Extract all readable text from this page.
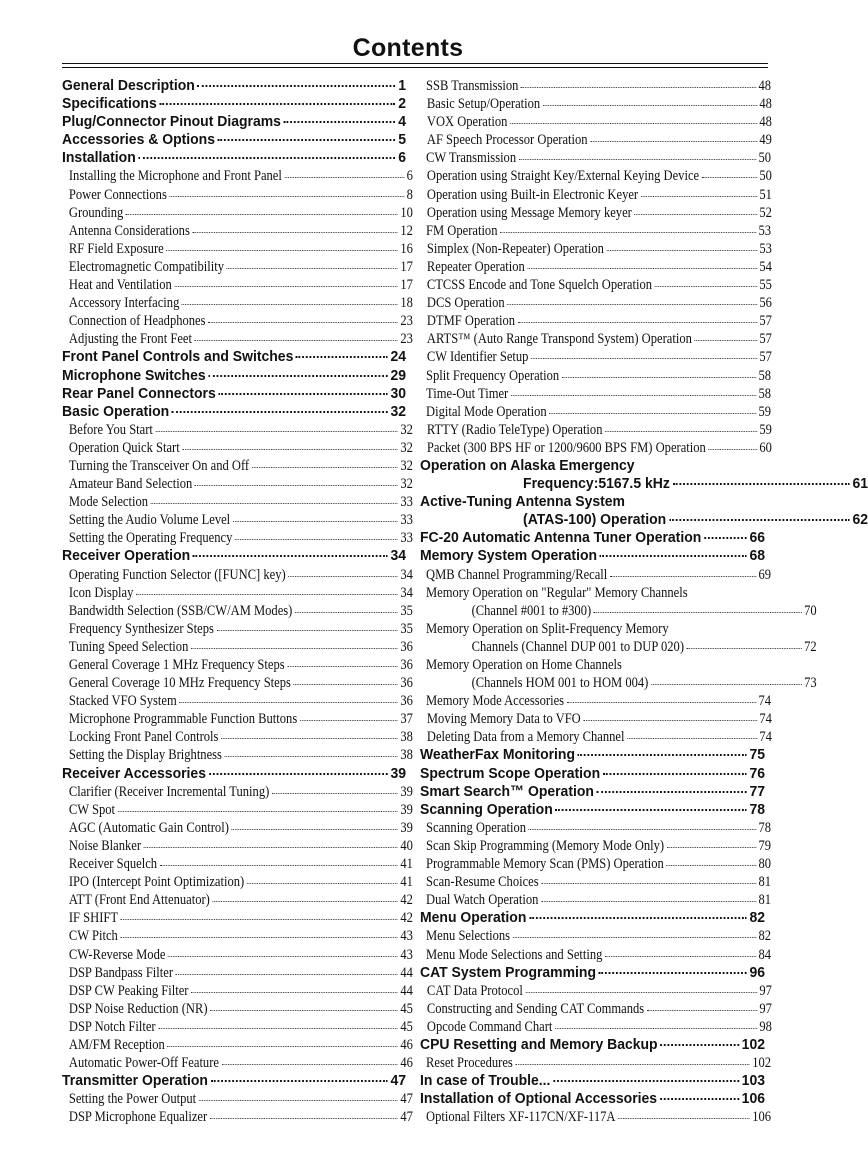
Contents
General Description	1
Specifications	2
Plug/Connector Pinout Diagrams	4
Accessories & Options	5
Installation	6
Installing the Microphone and Front Panel	6
Power Connections	8
Grounding	10
Antenna Considerations	12
RF Field Exposure	16
Electromagnetic Compatibility	17
Heat and Ventilation	17
Accessory Interfacing	18
Connection of Headphones	23
Adjusting the Front Feet	23
Front Panel Controls and Switches	24
Microphone Switches	29
Rear Panel Connectors	30
Basic Operation	32
Before You Start	32
Operation Quick Start	32
Turning the Transceiver On and Off	32
Amateur Band Selection	32
Mode Selection	33
Setting the Audio Volume Level	33
Setting the Operating Frequency	33
Receiver Operation	34
Operating Function Selector ([FUNC] key)	34
Icon Display	34
Bandwidth Selection (SSB/CW/AM Modes)	35
Frequency Synthesizer Steps	35
Tuning Speed Selection	36
General Coverage 1 MHz Frequency Steps	36
General Coverage 10 MHz Frequency Steps	36
Stacked VFO System	36
Microphone Programmable Function Buttons	37
Locking Front Panel Controls	38
Setting the Display Brightness	38
Receiver Accessories	39
Clarifier (Receiver Incremental Tuning)	39
CW Spot	39
AGC (Automatic Gain Control)	39
Noise Blanker	40
Receiver Squelch	41
IPO (Intercept Point Optimization)	41
ATT (Front End Attenuator)	42
IF SHIFT	42
CW Pitch	43
CW-Reverse Mode	43
DSP Bandpass Filter	44
DSP CW Peaking Filter	44
DSP Noise Reduction (NR)	45
DSP Notch Filter	45
AM/FM Reception	46
Automatic Power-Off Feature	46
Transmitter Operation	47
Setting the Power Output	47
DSP Microphone Equalizer	47
SSB Transmission	48
Basic Setup/Operation	48
VOX Operation	48
AF Speech Processor Operation	49
CW Transmission	50
Operation using Straight Key/External Keying Device	50
Operation using Built-in Electronic Keyer	51
Operation using Message Memory keyer	52
FM Operation	53
Simplex (Non-Repeater) Operation	53
Repeater Operation	54
CTCSS Encode and Tone Squelch Operation	55
DCS Operation	56
DTMF Operation	57
ARTS™ (Auto Range Transpond System) Operation	57
CW Identifier Setup	57
Split Frequency Operation	58
Time-Out Timer	58
Digital Mode Operation	59
RTTY (Radio TeleType) Operation	59
Packet (300 BPS HF or 1200/9600 BPS FM) Operation	60
Operation on Alaska Emergency
Frequency:5167.5 kHz	61
Active-Tuning Antenna System
(ATAS-100) Operation	62
FC-20 Automatic Antenna Tuner Operation	66
Memory System Operation	68
QMB Channel Programming/Recall	69
Memory Operation on "Regular" Memory Channels
(Channel #001 to #300)	70
Memory Operation on Split-Frequency Memory
Channels (Channel DUP 001 to DUP 020)	72
Memory Operation on Home Channels
(Channels HOM 001 to HOM 004)	73
Memory Mode Accessories	74
Moving Memory Data to VFO	74
Deleting Data from a Memory Channel	74
WeatherFax Monitoring	75
Spectrum Scope Operation	76
Smart Search™ Operation	77
Scanning Operation	78
Scanning Operation	78
Scan Skip Programming (Memory Mode Only)	79
Programmable Memory Scan (PMS) Operation	80
Scan-Resume Choices	81
Dual Watch Operation	81
Menu Operation	82
Menu Selections	82
Menu Mode Selections and Setting	84
CAT System Programming	96
CAT Data Protocol	97
Constructing and Sending CAT Commands	97
Opcode Command Chart	98
CPU Resetting and Memory Backup	102
Reset Procedures	102
In case of Trouble...	103
Installation of Optional Accessories	106
Optional Filters XF-117CN/XF-117A	106
